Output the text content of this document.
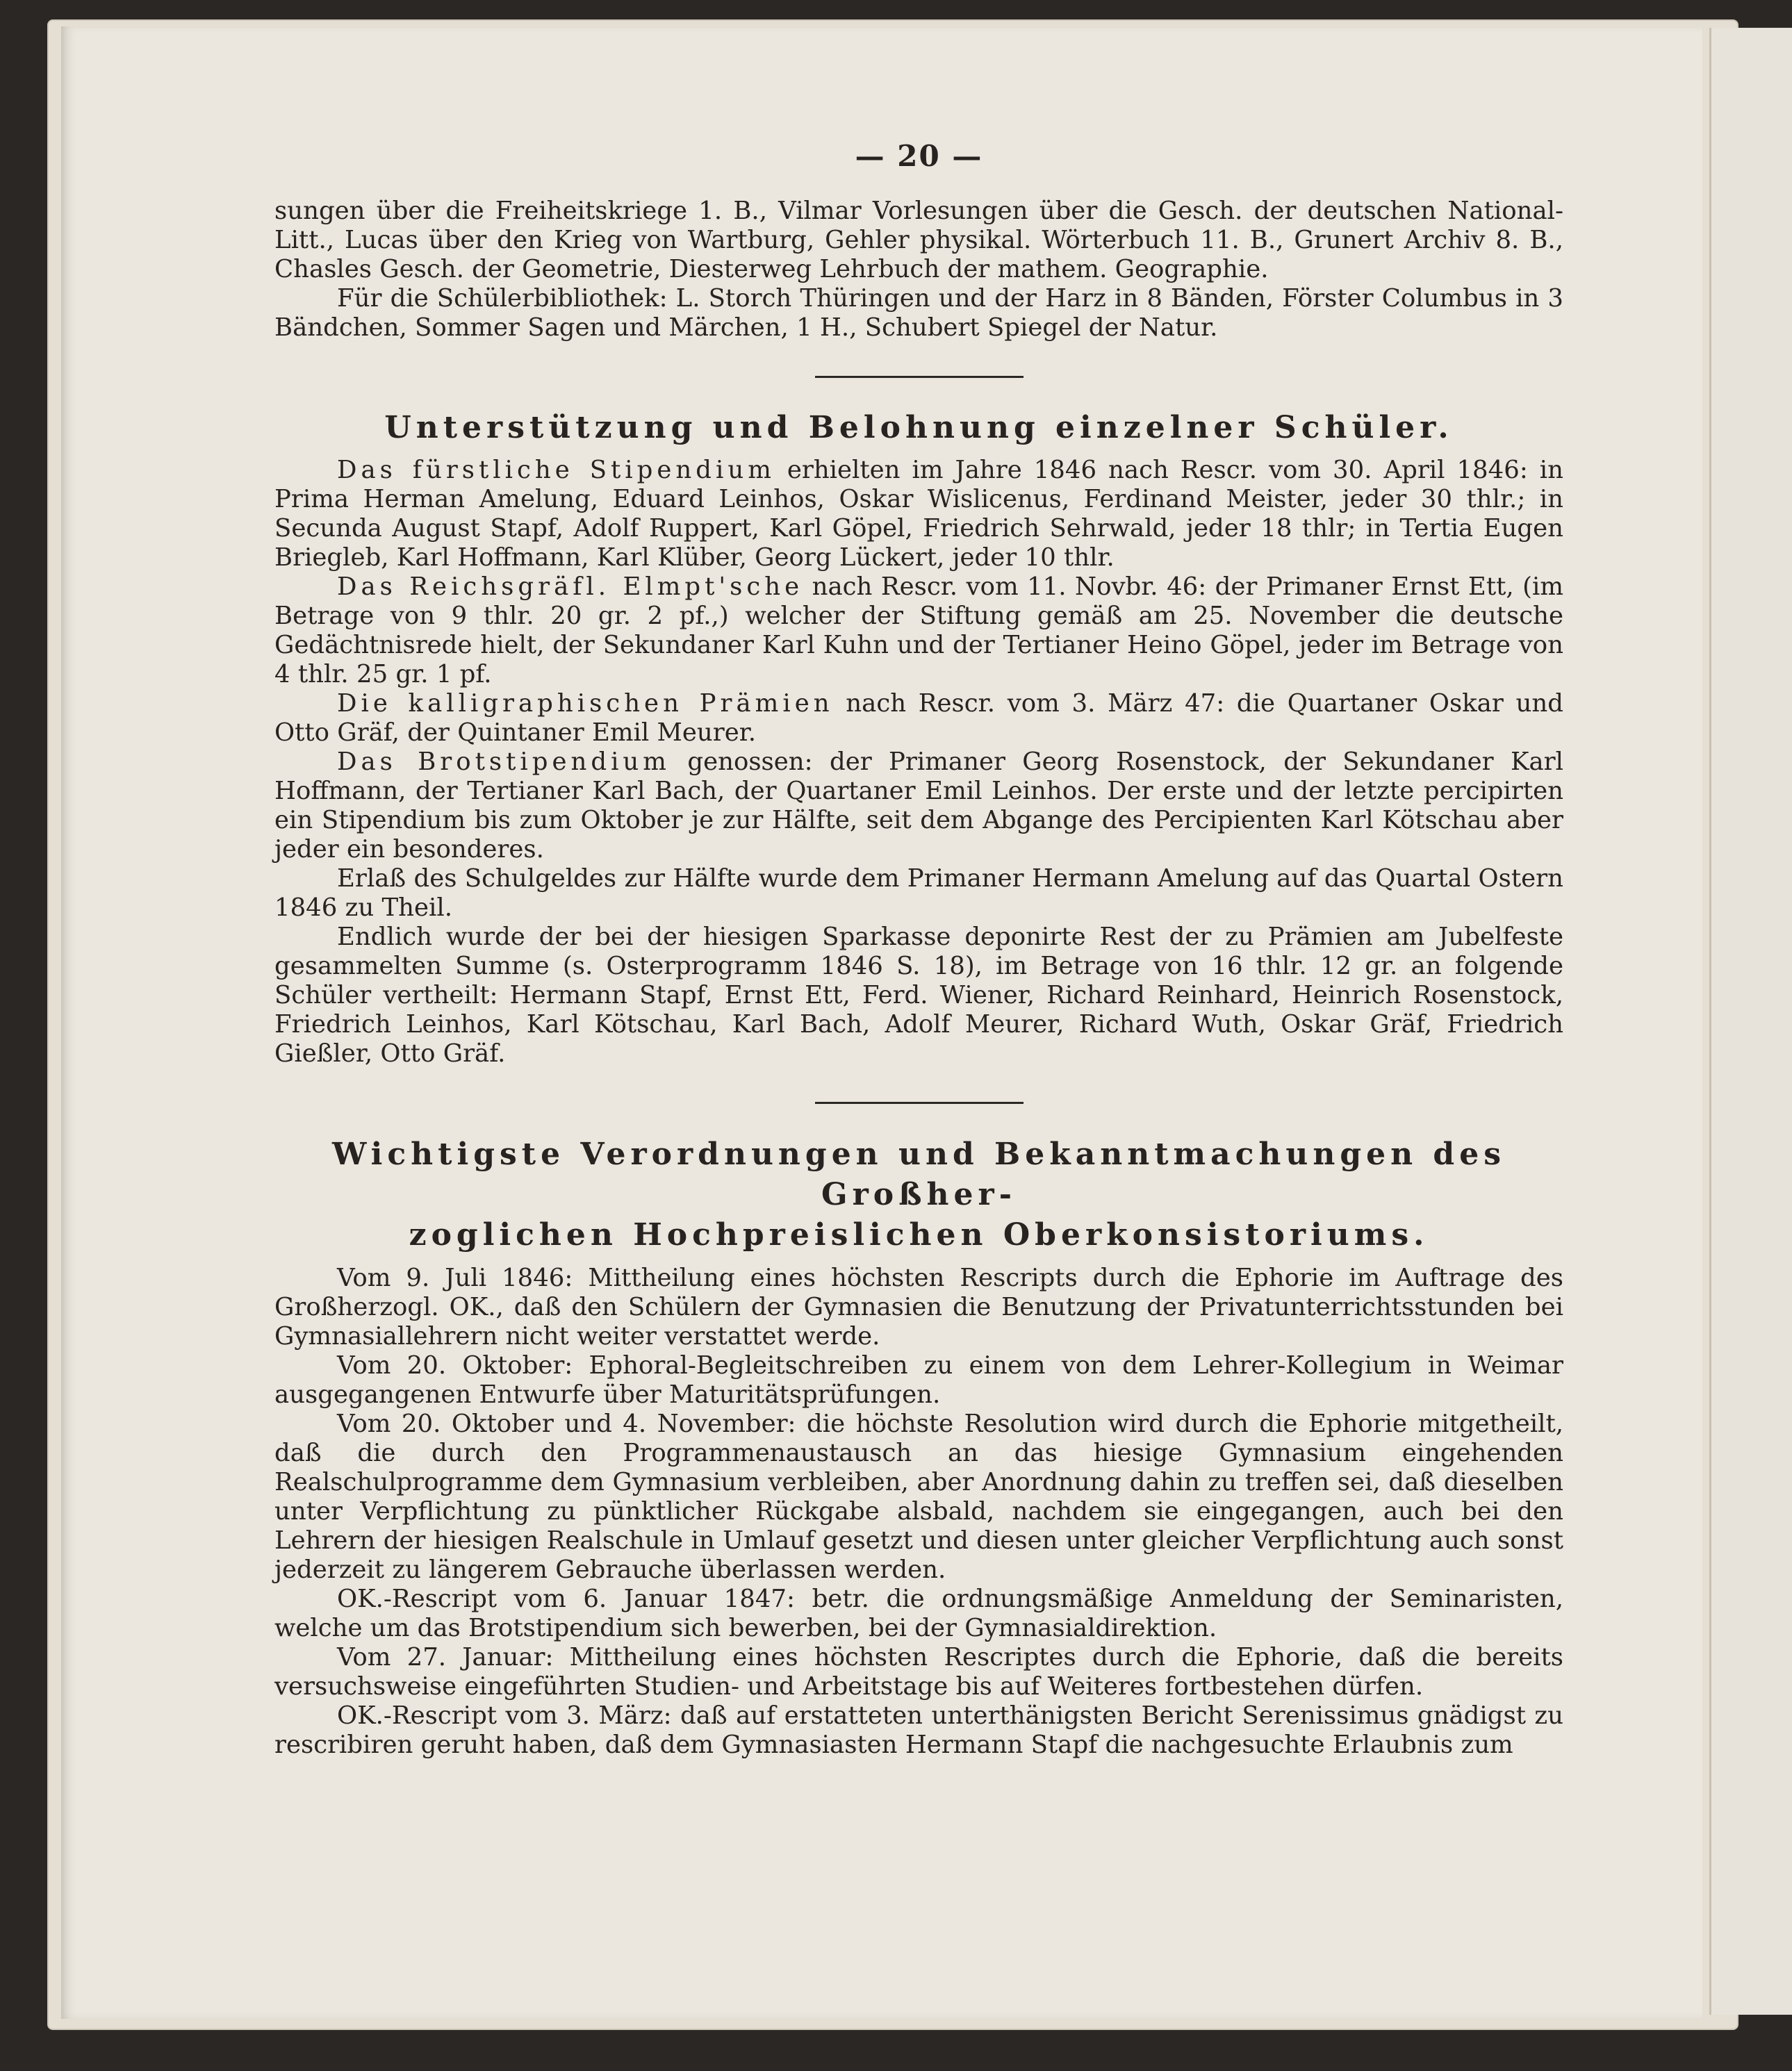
— 20 —

sungen über die Freiheitskriege 1. B., Vilmar Vorlesungen über die Gesch. der deutschen National-Litt., Lucas über den Krieg von Wartburg, Gehler physikal. Wörterbuch 11. B., Grunert Archiv 8. B., Chasles Gesch. der Geometrie, Diesterweg Lehrbuch der mathem. Geographie.

Für die Schülerbibliothek: L. Storch Thüringen und der Harz in 8 Bänden, Förster Columbus in 3 Bändchen, Sommer Sagen und Märchen, 1 H., Schubert Spiegel der Natur.

Unterstützung und Belohnung einzelner Schüler.

Das fürstliche Stipendium erhielten im Jahre 1846 nach Rescr. vom 30. April 1846: in Prima Herman Amelung, Eduard Leinhos, Oskar Wislicenus, Ferdinand Meister, jeder 30 thlr.; in Secunda August Stapf, Adolf Ruppert, Karl Göpel, Friedrich Sehrwald, jeder 18 thlr; in Tertia Eugen Briegleb, Karl Hoffmann, Karl Klüber, Georg Lückert, jeder 10 thlr.

Das Reichsgräfl. Elmpt'sche nach Rescr. vom 11. Novbr. 46: der Primaner Ernst Ett, (im Betrage von 9 thlr. 20 gr. 2 pf.,) welcher der Stiftung gemäß am 25. November die deutsche Gedächtnisrede hielt, der Sekundaner Karl Kuhn und der Tertianer Heino Göpel, jeder im Betrage von 4 thlr. 25 gr. 1 pf.

Die kalligraphischen Prämien nach Rescr. vom 3. März 47: die Quartaner Oskar und Otto Gräf, der Quintaner Emil Meurer.

Das Brotstipendium genossen: der Primaner Georg Rosenstock, der Sekundaner Karl Hoffmann, der Tertianer Karl Bach, der Quartaner Emil Leinhos. Der erste und der letzte percipirten ein Stipendium bis zum Oktober je zur Hälfte, seit dem Abgange des Percipienten Karl Kötschau aber jeder ein besonderes.

Erlaß des Schulgeldes zur Hälfte wurde dem Primaner Hermann Amelung auf das Quartal Ostern 1846 zu Theil.

Endlich wurde der bei der hiesigen Sparkasse deponirte Rest der zu Prämien am Jubelfeste gesammelten Summe (s. Osterprogramm 1846 S. 18), im Betrage von 16 thlr. 12 gr. an folgende Schüler vertheilt: Hermann Stapf, Ernst Ett, Ferd. Wiener, Richard Reinhard, Heinrich Rosenstock, Friedrich Leinhos, Karl Kötschau, Karl Bach, Adolf Meurer, Richard Wuth, Oskar Gräf, Friedrich Gießler, Otto Gräf.

Wichtigste Verordnungen und Bekanntmachungen des Großher-
zoglichen Hochpreislichen Oberkonsistoriums.

Vom 9. Juli 1846: Mittheilung eines höchsten Rescripts durch die Ephorie im Auftrage des Großherzogl. OK., daß den Schülern der Gymnasien die Benutzung der Privatunterrichtsstunden bei Gymnasiallehrern nicht weiter verstattet werde.

Vom 20. Oktober: Ephoral-Begleitschreiben zu einem von dem Lehrer-Kollegium in Weimar ausgegangenen Entwurfe über Maturitätsprüfungen.

Vom 20. Oktober und 4. November: die höchste Resolution wird durch die Ephorie mitgetheilt, daß die durch den Programmenaustausch an das hiesige Gymnasium eingehenden Realschulprogramme dem Gymnasium verbleiben, aber Anordnung dahin zu treffen sei, daß dieselben unter Verpflichtung zu pünktlicher Rückgabe alsbald, nachdem sie eingegangen, auch bei den Lehrern der hiesigen Realschule in Umlauf gesetzt und diesen unter gleicher Verpflichtung auch sonst jederzeit zu längerem Gebrauche überlassen werden.

OK.-Rescript vom 6. Januar 1847: betr. die ordnungsmäßige Anmeldung der Seminaristen, welche um das Brotstipendium sich bewerben, bei der Gymnasialdirektion.

Vom 27. Januar: Mittheilung eines höchsten Rescriptes durch die Ephorie, daß die bereits versuchsweise eingeführten Studien- und Arbeitstage bis auf Weiteres fortbestehen dürfen.

OK.-Rescript vom 3. März: daß auf erstatteten unterthänigsten Bericht Serenissimus gnädigst zu rescribiren geruht haben, daß dem Gymnasiasten Hermann Stapf die nachgesuchte Erlaubnis zum
